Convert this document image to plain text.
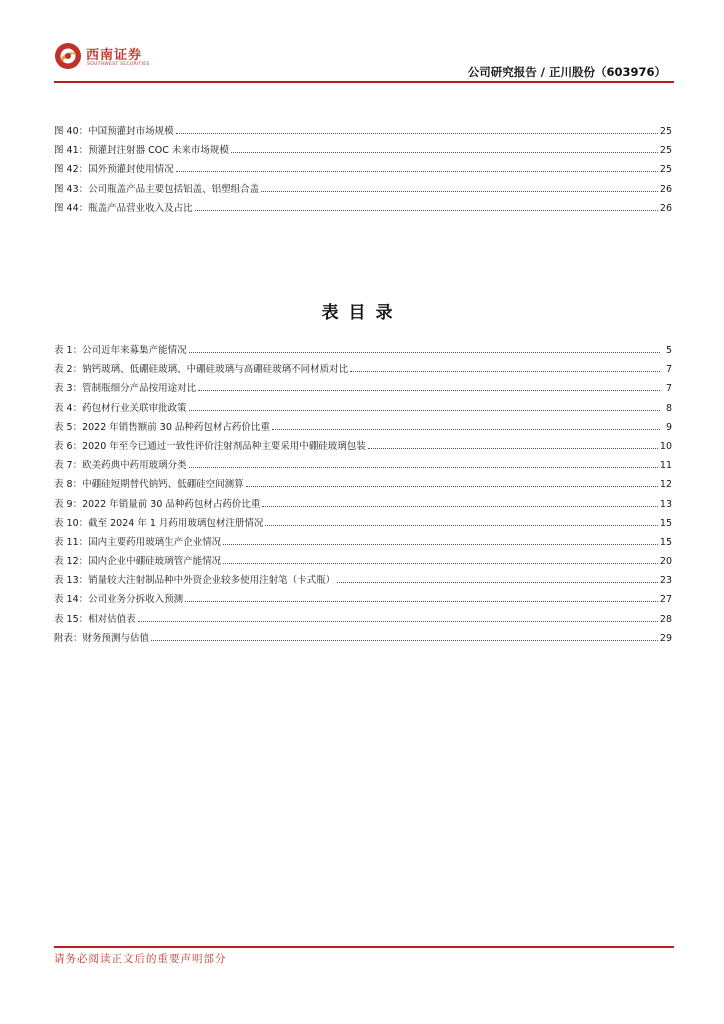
西南证券
SOUTHWEST SECURITIES
公司研究报告 / 正川股份（603976）
图 40：中国预灌封市场规模	25
图 41：预灌封注射器 COC 未来市场规模	25
图 42：国外预灌封使用情况	25
图 43：公司瓶盖产品主要包括铝盖、铝塑组合盖	26
图 44：瓶盖产品营业收入及占比	26
表目录
表 1：公司近年来募集产能情况	5
表 2：钠钙玻璃、低硼硅玻璃、中硼硅玻璃与高硼硅玻璃不同材质对比	7
表 3：管制瓶细分产品按用途对比	7
表 4：药包材行业关联审批政策	8
表 5：2022 年销售额前 30 品种药包材占药价比重	9
表 6：2020 年至今已通过一致性评价注射剂品种主要采用中硼硅玻璃包装	10
表 7：欧美药典中药用玻璃分类	11
表 8：中硼硅短期替代钠钙、低硼硅空间测算	12
表 9：2022 年销量前 30 品种药包材占药价比重	13
表 10：截至 2024 年 1 月药用玻璃包材注册情况	15
表 11：国内主要药用玻璃生产企业情况	15
表 12：国内企业中硼硅玻璃管产能情况	20
表 13：销量较大注射制品种中外资企业较多使用注射笔（卡式瓶）	23
表 14：公司业务分拆收入预测	27
表 15：相对估值表	28
附表：财务预测与估值	29
请务必阅读正文后的重要声明部分
